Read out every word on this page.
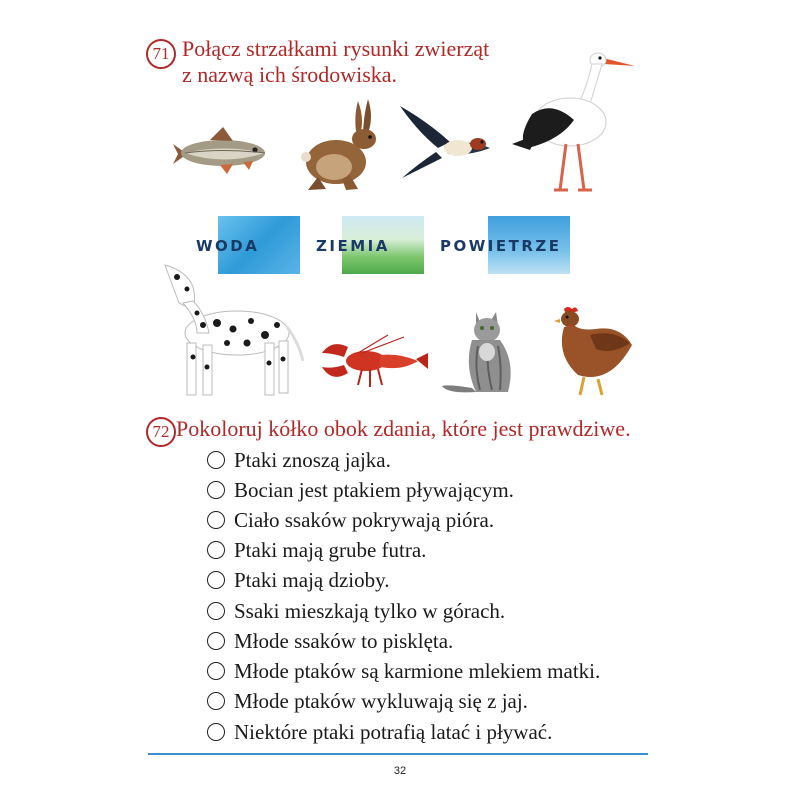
71 Połącz strzałkami rysunki zwierząt
z nazwą ich środowiska.
WODA	ZIEMIA	POWIETRZE
72 Pokoloruj kółko obok zdania, które jest prawdziwe.
Ptaki znoszą jajka.
Bocian jest ptakiem pływającym.
Ciało ssaków pokrywają pióra.
Ptaki mają grube futra.
Ptaki mają dzioby.
Ssaki mieszkają tylko w górach.
Młode ssaków to pisklęta.
Młode ptaków są karmione mlekiem matki.
Młode ptaków wykluwają się z jaj.
Niektóre ptaki potrafią latać i pływać.
32
